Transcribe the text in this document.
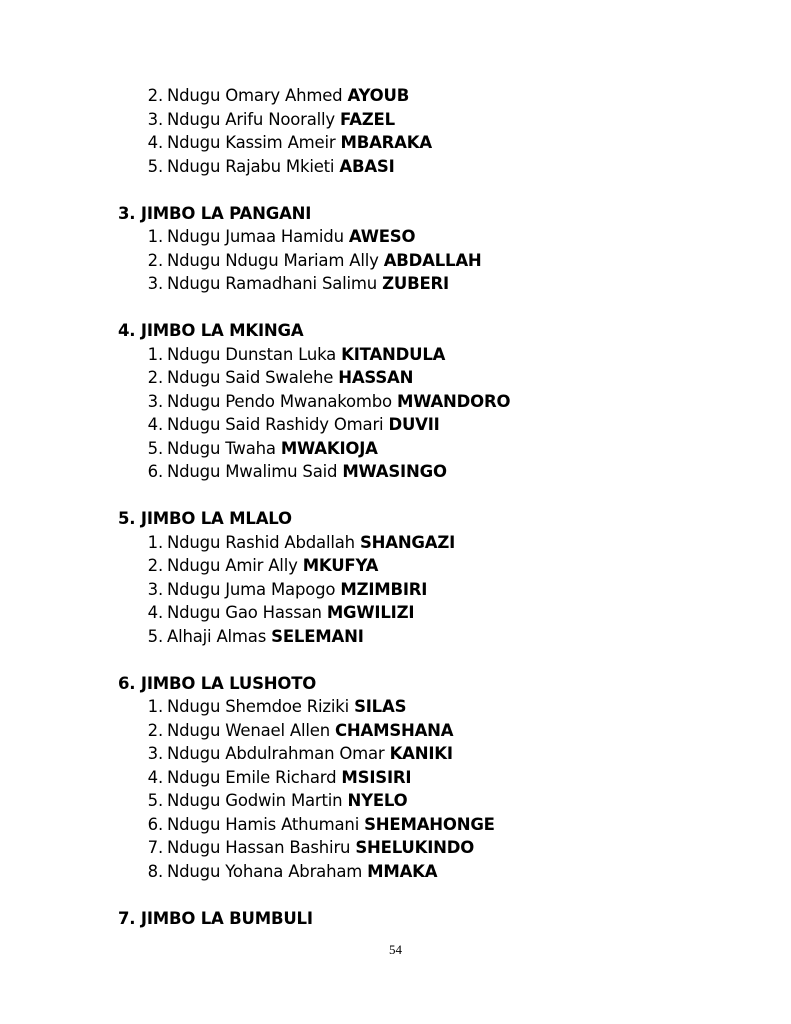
2. Ndugu Omary Ahmed AYOUB
3. Ndugu Arifu Noorally FAZEL
4. Ndugu Kassim Ameir MBARAKA
5. Ndugu Rajabu Mkieti ABASI
3. JIMBO LA PANGANI
1. Ndugu Jumaa Hamidu AWESO
2. Ndugu Ndugu Mariam Ally ABDALLAH
3. Ndugu Ramadhani Salimu ZUBERI
4. JIMBO LA MKINGA
1. Ndugu Dunstan Luka KITANDULA
2. Ndugu Said Swalehe HASSAN
3. Ndugu Pendo Mwanakombo MWANDORO
4. Ndugu Said Rashidy Omari DUVII
5. Ndugu Twaha MWAKIOJA
6. Ndugu Mwalimu Said MWASINGO
5. JIMBO LA MLALO
1. Ndugu Rashid Abdallah SHANGAZI
2. Ndugu Amir Ally MKUFYA
3. Ndugu Juma Mapogo MZIMBIRI
4. Ndugu Gao Hassan MGWILIZI
5. Alhaji Almas SELEMANI
6. JIMBO LA LUSHOTO
1. Ndugu Shemdoe Riziki SILAS
2. Ndugu Wenael Allen CHAMSHANA
3. Ndugu Abdulrahman Omar KANIKI
4. Ndugu Emile Richard MSISIRI
5. Ndugu Godwin Martin NYELO
6. Ndugu Hamis Athumani SHEMAHONGE
7. Ndugu Hassan Bashiru SHELUKINDO
8. Ndugu Yohana Abraham MMAKA
7. JIMBO LA BUMBULI
54
